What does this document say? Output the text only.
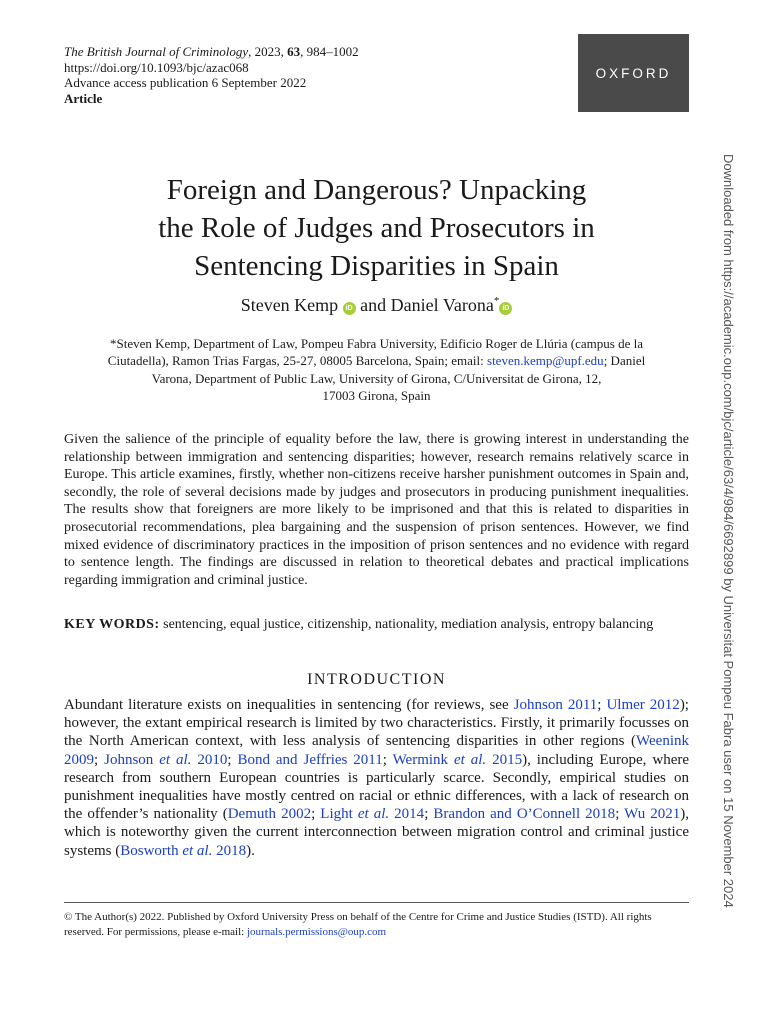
The British Journal of Criminology, 2023, 63, 984–1002
https://doi.org/10.1093/bjc/azac068
Advance access publication 6 September 2022
Article
OXFORD
Downloaded from https://academic.oup.com/bjc/article/63/4/984/6692899 by Universitat Pompeu Fabra user on 15 November 2024
Foreign and Dangerous? Unpacking
the Role of Judges and Prosecutors in
Sentencing Disparities in Spain
Steven Kemp iD and Daniel Varona*iD
*Steven Kemp, Department of Law, Pompeu Fabra University, Edificio Roger de Llúria (campus de la
Ciutadella), Ramon Trias Fargas, 25-27, 08005 Barcelona, Spain; email: steven.kemp@upf.edu; Daniel
Varona, Department of Public Law, University of Girona, C/Universitat de Girona, 12,
17003 Girona, Spain

Given the salience of the principle of equality before the law, there is growing interest in understanding the relationship between immigration and sentencing disparities; however, research remains relatively scarce in Europe. This article examines, firstly, whether non-citizens receive harsher punishment outcomes in Spain and, secondly, the role of several decisions made by judges and prosecutors in producing punishment inequalities. The results show that foreigners are more likely to be imprisoned and that this is related to disparities in prosecutorial recommendations, plea bargaining and the suspension of prison sentences. However, we find mixed evidence of discriminatory practices in the imposition of prison sentences and no evidence with regard to sentence length. The findings are discussed in relation to theoretical debates and practical implications regarding immigration and criminal justice.

KEY WORDS: sentencing, equal justice, citizenship, nationality, mediation analysis, entropy balancing
INTRODUCTION

Abundant literature exists on inequalities in sentencing (for reviews, see Johnson 2011; Ulmer 2012); however, the extant empirical research is limited by two characteristics. Firstly, it primarily focusses on the North American context, with less analysis of sentencing disparities in other regions (Weenink 2009; Johnson et al. 2010; Bond and Jeffries 2011; Wermink et al. 2015), including Europe, where research from southern European countries is particularly scarce. Secondly, empirical studies on punishment inequalities have mostly centred on racial or ethnic differences, with a lack of research on the offender’s nationality (Demuth 2002; Light et al. 2014; Brandon and O’Connell 2018; Wu 2021), which is noteworthy given the current interconnection between migration control and criminal justice systems (Bosworth et al. 2018).

© The Author(s) 2022. Published by Oxford University Press on behalf of the Centre for Crime and Justice Studies (ISTD). All rights reserved. For permissions, please e-mail: journals.permissions@oup.com
